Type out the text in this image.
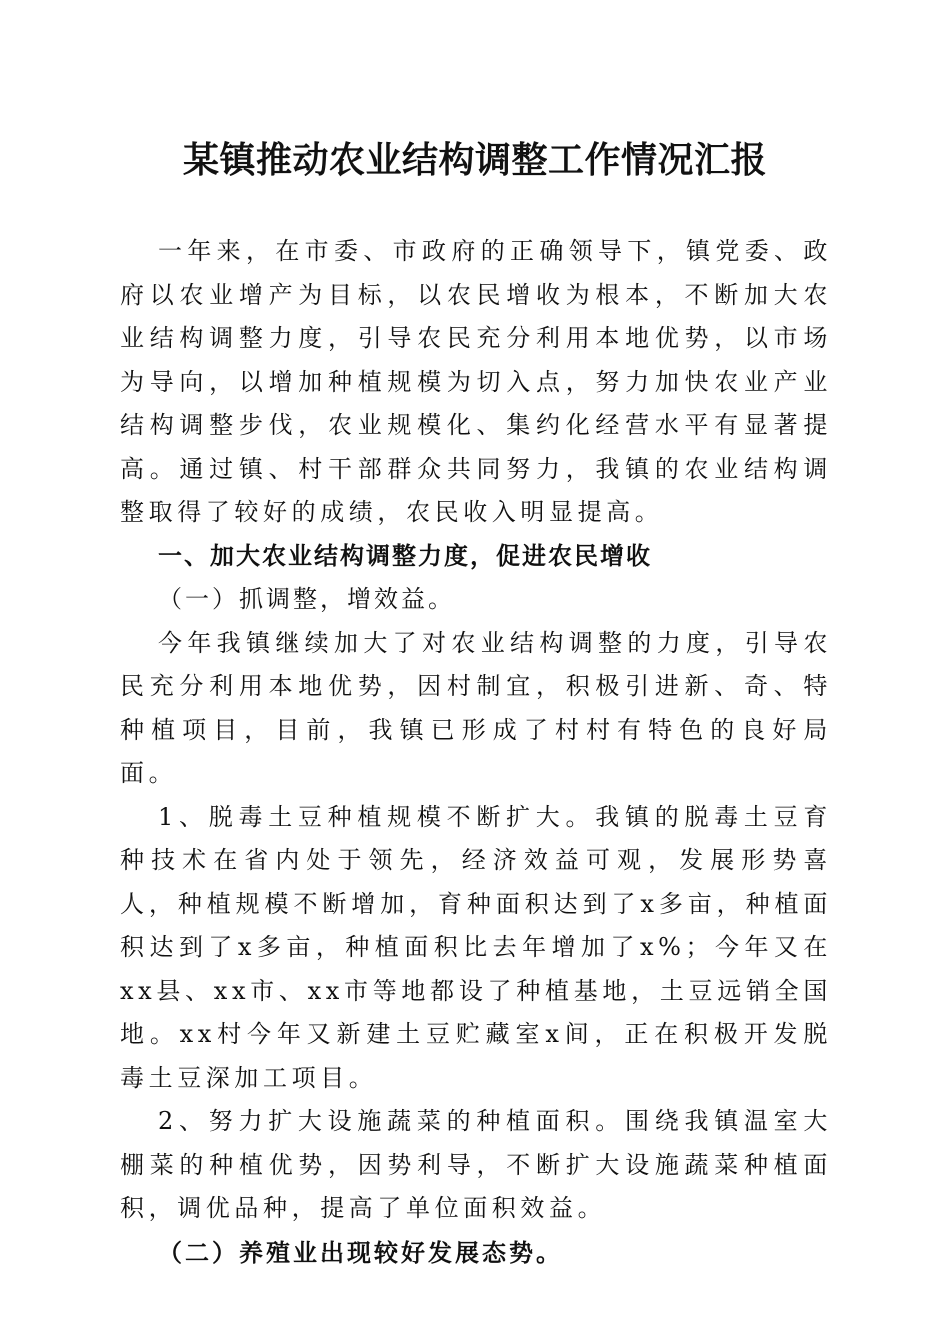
某镇推动农业结构调整工作情况汇报

一年来，在市委、市政府的正确领导下，镇党委、政府以农业增产为目标，以农民增收为根本，不断加大农业结构调整力度，引导农民充分利用本地优势，以市场为导向，以增加种植规模为切入点，努力加快农业产业结构调整步伐，农业规模化、集约化经营水平有显著提高。通过镇、村干部群众共同努力，我镇的农业结构调整取得了较好的成绩，农民收入明显提高。

一、加大农业结构调整力度，促进农民增收

（一）抓调整，增效益。

今年我镇继续加大了对农业结构调整的力度，引导农民充分利用本地优势，因村制宜，积极引进新、奇、特种植项目，目前，我镇已形成了村村有特色的良好局面。

1、脱毒土豆种植规模不断扩大。我镇的脱毒土豆育种技术在省内处于领先，经济效益可观，发展形势喜人，种植规模不断增加，育种面积达到了x多亩，种植面积达到了x多亩，种植面积比去年增加了x%；今年又在xx县、xx市、xx市等地都设了种植基地，土豆远销全国地。xx村今年又新建土豆贮藏室x间，正在积极开发脱毒土豆深加工项目。

2、努力扩大设施蔬菜的种植面积。围绕我镇温室大棚菜的种植优势，因势利导，不断扩大设施蔬菜种植面积，调优品种，提高了单位面积效益。

（二）养殖业出现较好发展态势。
